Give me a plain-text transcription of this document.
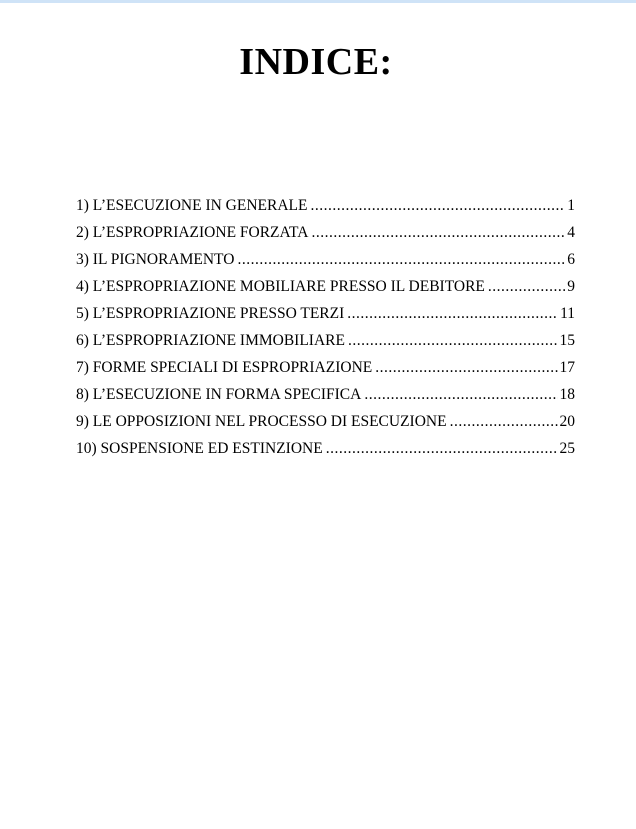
INDICE:
1) L’ESECUZIONE IN GENERALE .....	1
2) L’ESPROPRIAZIONE FORZATA .....	4
3) IL PIGNORAMENTO .....	6
4) L’ESPROPRIAZIONE MOBILIARE PRESSO IL DEBITORE .....	9
5) L’ESPROPRIAZIONE PRESSO TERZI .....	11
6) L’ESPROPRIAZIONE IMMOBILIARE .....	15
7) FORME SPECIALI DI ESPROPRIAZIONE .....	17
8) L’ESECUZIONE IN FORMA SPECIFICA .....	18
9) LE OPPOSIZIONI NEL PROCESSO DI ESECUZIONE .....	20
10) SOSPENSIONE ED ESTINZIONE .....	25
